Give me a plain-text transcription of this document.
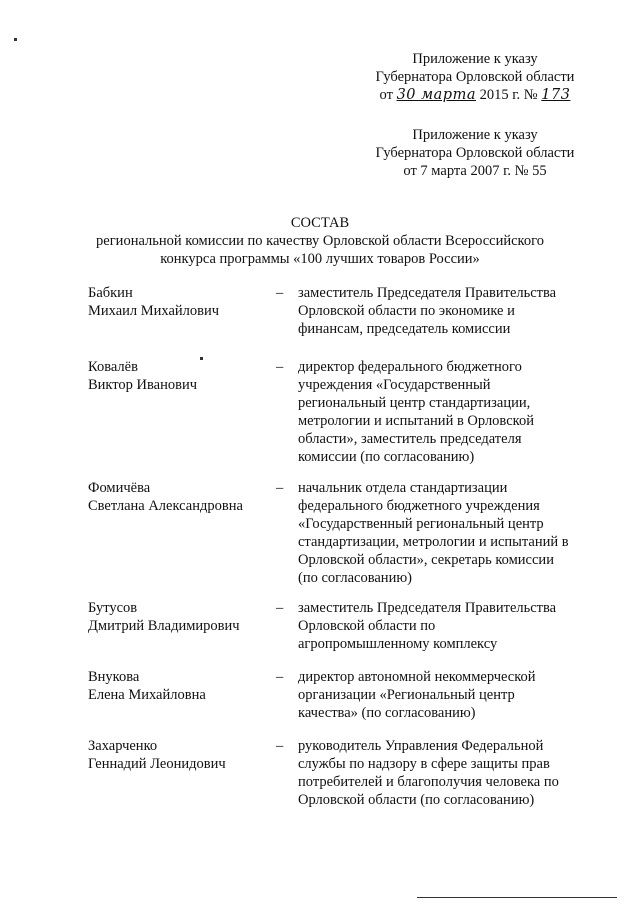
Приложение к указу
Губернатора Орловской области
от 30 марта 2015 г. № 173
Приложение к указу
Губернатора Орловской области
от 7 марта 2007 г. № 55
СОСТАВ
региональной комиссии по качеству Орловской области Всероссийского
конкурса программы «100 лучших товаров России»
Бабкин
Михаил Михайлович
–	заместитель Председателя Правительства Орловской области по экономике и финансам, председатель комиссии
Ковалёв
Виктор Иванович
–	директор федерального бюджетного учреждения «Государственный региональный центр стандартизации, метрологии и испытаний в Орловской области», заместитель председателя комиссии (по согласованию)
Фомичёва
Светлана Александровна
–	начальник отдела стандартизации федерального бюджетного учреждения «Государственный региональный центр стандартизации, метрологии и испытаний в Орловской области», секретарь комиссии (по согласованию)
Бутусов
Дмитрий Владимирович
–	заместитель Председателя Правительства Орловской области по агропромышленному комплексу
Внукова
Елена Михайловна
–	директор автономной некоммерческой организации «Региональный центр качества» (по согласованию)
Захарченко
Геннадий Леонидович
–	руководитель Управления Федеральной службы по надзору в сфере защиты прав потребителей и благополучия человека по Орловской области (по согласованию)
